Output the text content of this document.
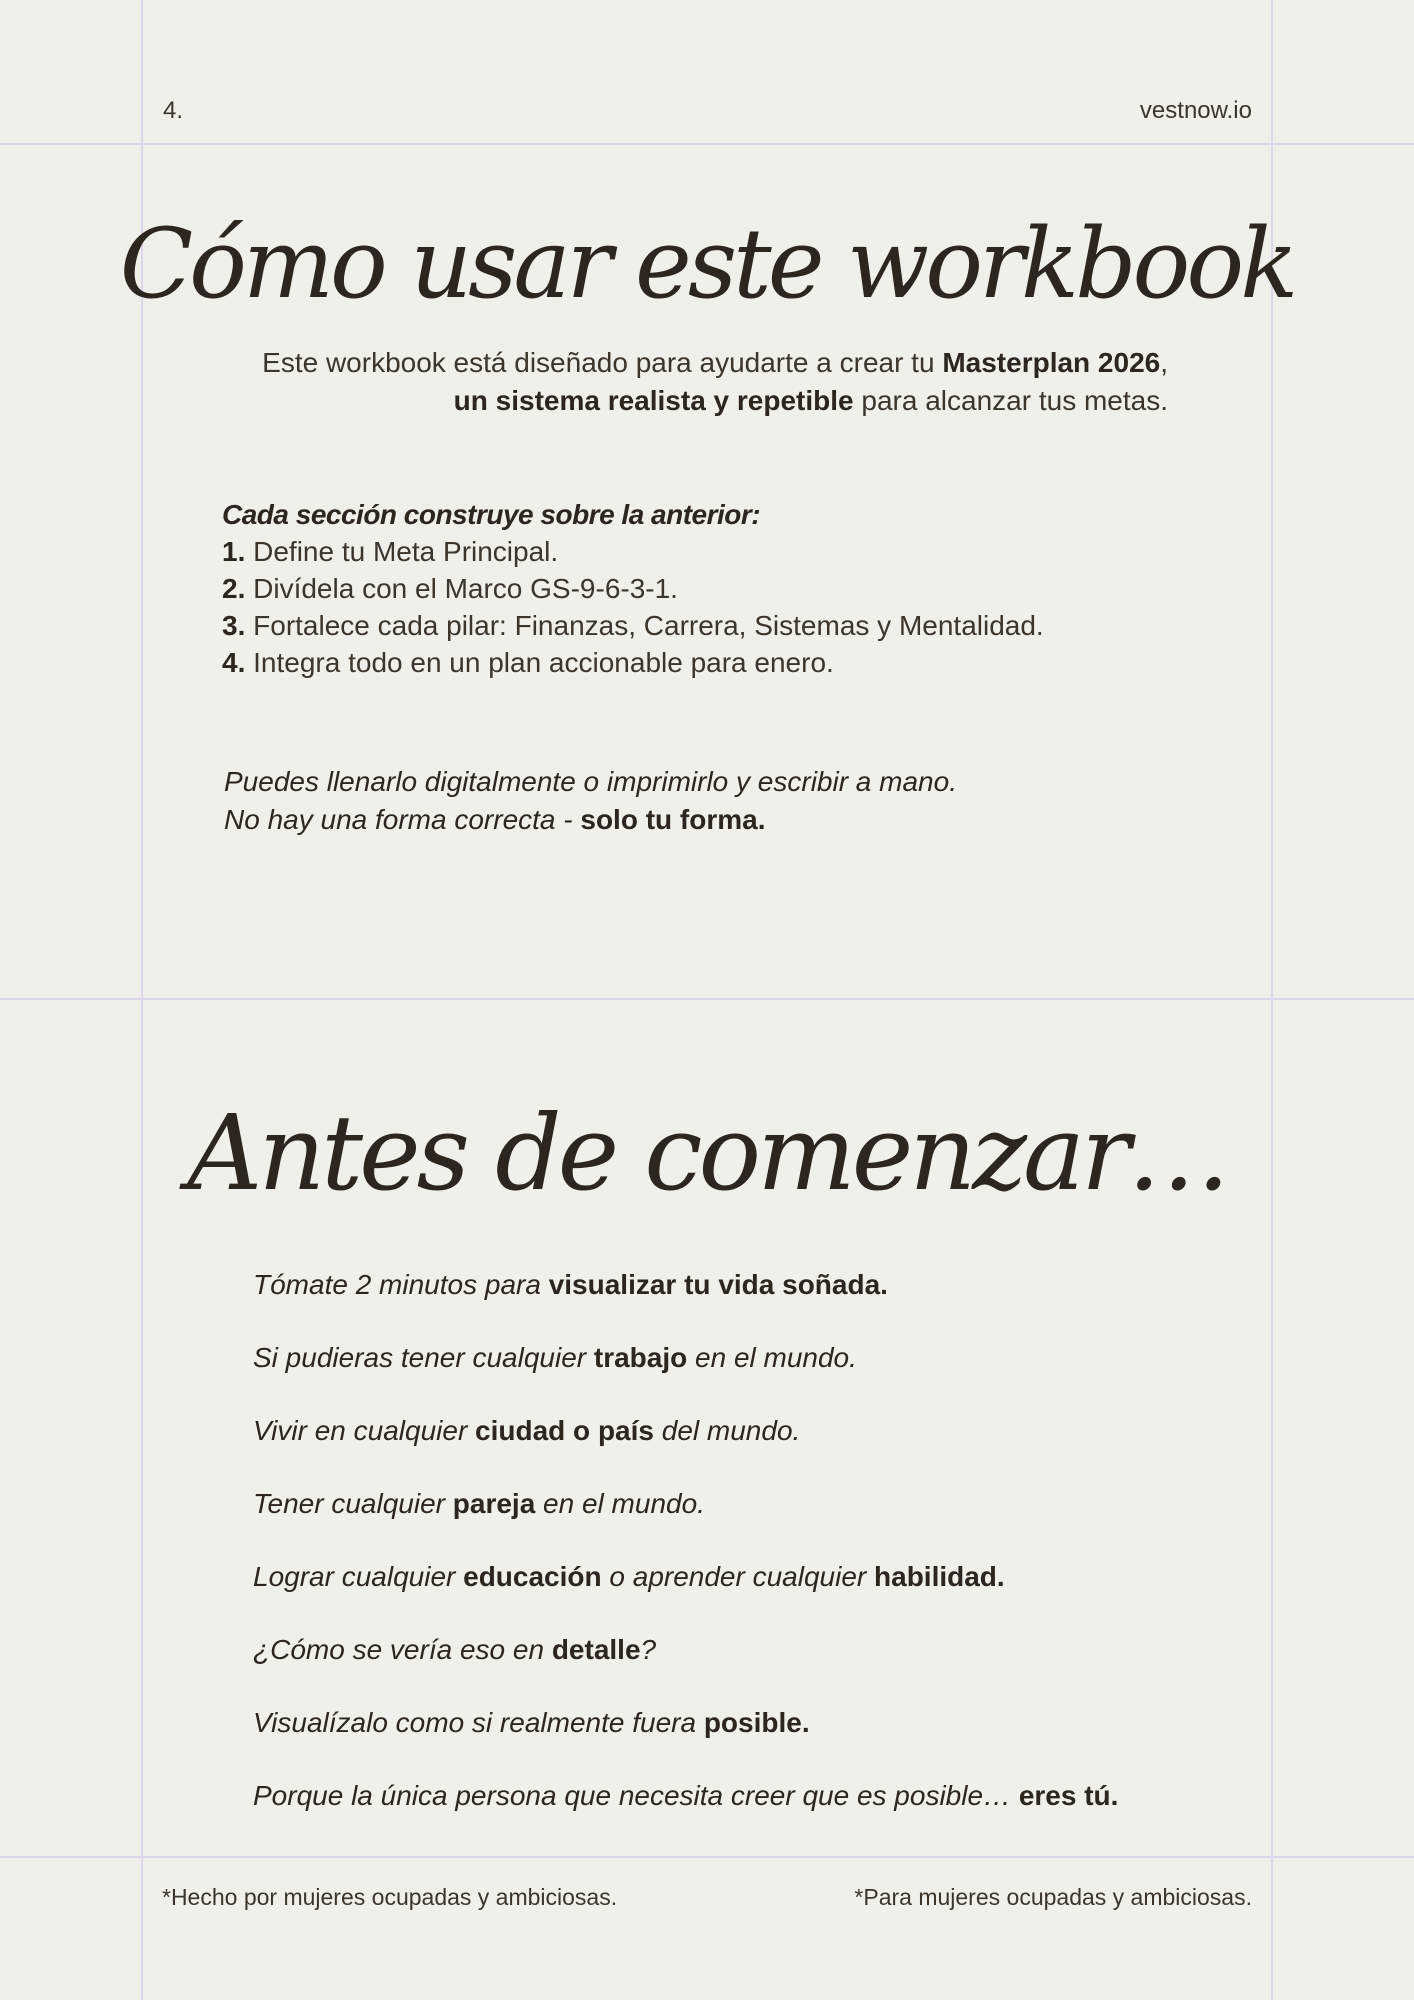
4.	vestnow.io
Cómo usar este workbook
Este workbook está diseñado para ayudarte a crear tu Masterplan 2026,
un sistema realista y repetible para alcanzar tus metas.
Cada sección construye sobre la anterior:
1. Define tu Meta Principal.
2. Divídela con el Marco GS-9-6-3-1.
3. Fortalece cada pilar: Finanzas, Carrera, Sistemas y Mentalidad.
4. Integra todo en un plan accionable para enero.
Puedes llenarlo digitalmente o imprimirlo y escribir a mano.
No hay una forma correcta - solo tu forma.
Antes de comenzar…
Tómate 2 minutos para visualizar tu vida soñada.
Si pudieras tener cualquier trabajo en el mundo.
Vivir en cualquier ciudad o país del mundo.
Tener cualquier pareja en el mundo.
Lograr cualquier educación o aprender cualquier habilidad.
¿Cómo se vería eso en detalle?
Visualízalo como si realmente fuera posible.
Porque la única persona que necesita creer que es posible… eres tú.
*Hecho por mujeres ocupadas y ambiciosas.	*Para mujeres ocupadas y ambiciosas.
